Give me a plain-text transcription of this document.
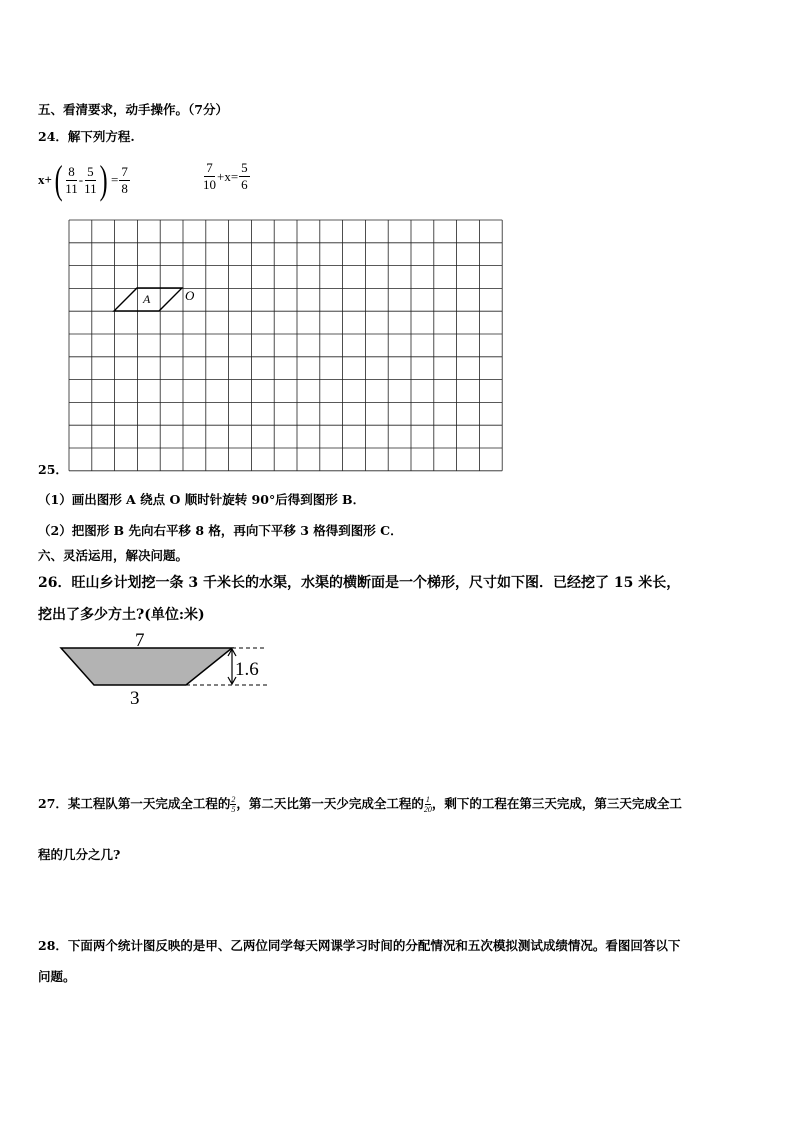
五、看清要求，动手操作。（7分）
24．解下列方程.
x+ ( $\frac{8}{11} - \frac{5}{11}$ ) = $\frac{7}{8}$	$\frac{7}{10} +x= \frac{5}{6}$
A	O
25．
（1）画出图形 A 绕点 O 顺时针旋转 90°后得到图形 B．
（2）把图形 B 先向右平移 8 格，再向下平移 3 格得到图形 C．
六、灵活运用，解决问题。
26．旺山乡计划挖一条 3 千米长的水渠，水渠的横断面是一个梯形，尺寸如下图．已经挖了 15 米长，
挖出了多少方土?(单位:米)
7
3
1.6
27．某工程队第一天完成全工程的 $\frac{2}{5}$ ，第二天比第一天少完成全工程的 $\frac{1}{20}$ ，剩下的工程在第三天完成，第三天完成全工
程的几分之几?
28．下面两个统计图反映的是甲、乙两位同学每天网课学习时间的分配情况和五次模拟测试成绩情况。看图回答以下
问题。
